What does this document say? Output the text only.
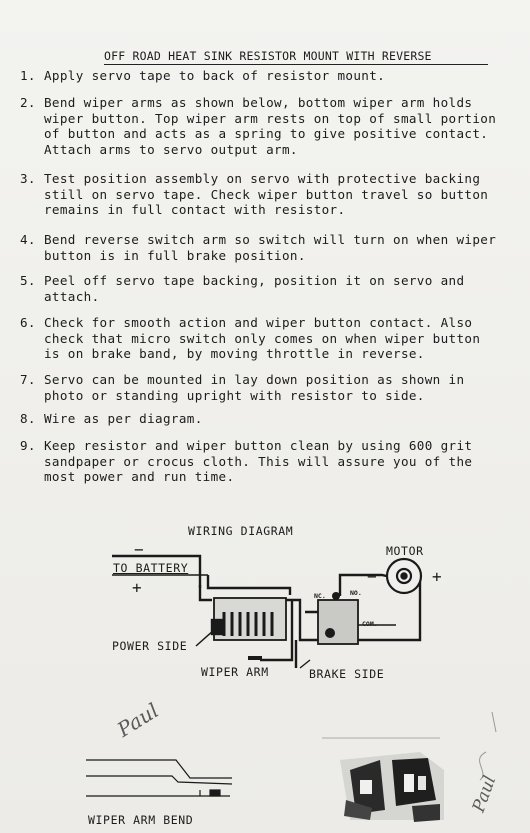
OFF ROAD HEAT SINK RESISTOR MOUNT WITH REVERSE
1. Apply servo tape to back of resistor mount.
2. Bend wiper arms as shown below, bottom wiper arm holds
wiper button. Top wiper arm rests on top of small portion
of button and acts as a spring to give positive contact.
Attach arms to servo output arm.
3. Test position assembly on servo with protective backing
still on servo tape. Check wiper button travel so button
remains in full contact with resistor.
4. Bend reverse switch arm so switch will turn on when wiper
button is in full brake position.
5. Peel off servo tape backing, position it on servo and
attach.
6. Check for smooth action and wiper button contact. Also
check that micro switch only comes on when wiper button
is on brake band, by moving throttle in reverse.
7. Servo can be mounted in lay down position as shown in
photo or standing upright with resistor to side.
8. Wire as per diagram.
9. Keep resistor and wiper button clean by using 600 grit
sandpaper or crocus cloth. This will assure you of the
most power and run time.
WIRING DIAGRAM
TO BATTERY
−
+
MOTOR
−	+
NC.	NO.
COM.
POWER SIDE
WIPER ARM	BRAKE SIDE
WIPER ARM BEND
Paul
Paul
